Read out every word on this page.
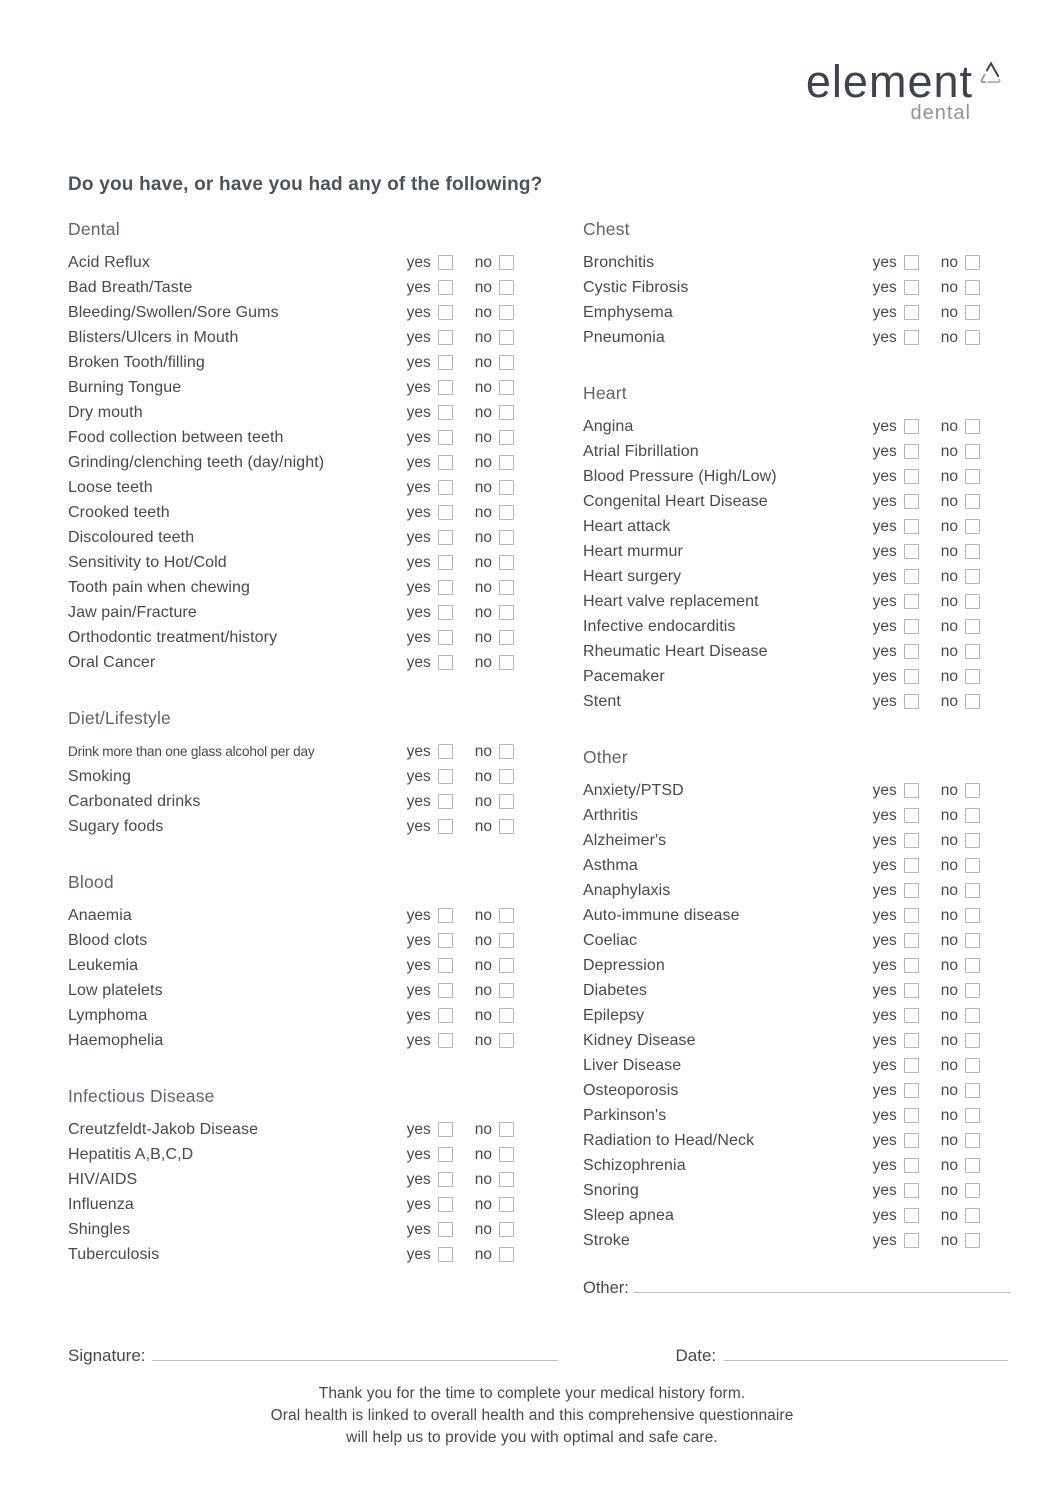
element
dental
Do you have, or have you had any of the following?
Dental
Acid Reflux	yes	no
Bad Breath/Taste	yes	no
Bleeding/Swollen/Sore Gums	yes	no
Blisters/Ulcers in Mouth	yes	no
Broken Tooth/filling	yes	no
Burning Tongue	yes	no
Dry mouth	yes	no
Food collection between teeth	yes	no
Grinding/clenching teeth (day/night)	yes	no
Loose teeth	yes	no
Crooked teeth	yes	no
Discoloured teeth	yes	no
Sensitivity to Hot/Cold	yes	no
Tooth pain when chewing	yes	no
Jaw pain/Fracture	yes	no
Orthodontic treatment/history	yes	no
Oral Cancer	yes	no
Diet/Lifestyle
Drink more than one glass alcohol per day	yes	no
Smoking	yes	no
Carbonated drinks	yes	no
Sugary foods	yes	no
Blood
Anaemia	yes	no
Blood clots	yes	no
Leukemia	yes	no
Low platelets	yes	no
Lymphoma	yes	no
Haemophelia	yes	no
Infectious Disease
Creutzfeldt-Jakob Disease	yes	no
Hepatitis A,B,C,D	yes	no
HIV/AIDS	yes	no
Influenza	yes	no
Shingles	yes	no
Tuberculosis	yes	no
Chest
Bronchitis	yes	no
Cystic Fibrosis	yes	no
Emphysema	yes	no
Pneumonia	yes	no
Heart
Angina	yes	no
Atrial Fibrillation	yes	no
Blood Pressure (High/Low)	yes	no
Congenital Heart Disease	yes	no
Heart attack	yes	no
Heart murmur	yes	no
Heart surgery	yes	no
Heart valve replacement	yes	no
Infective endocarditis	yes	no
Rheumatic Heart Disease	yes	no
Pacemaker	yes	no
Stent	yes	no
Other
Anxiety/PTSD	yes	no
Arthritis	yes	no
Alzheimer's	yes	no
Asthma	yes	no
Anaphylaxis	yes	no
Auto-immune disease	yes	no
Coeliac	yes	no
Depression	yes	no
Diabetes	yes	no
Epilepsy	yes	no
Kidney Disease	yes	no
Liver Disease	yes	no
Osteoporosis	yes	no
Parkinson's	yes	no
Radiation to Head/Neck	yes	no
Schizophrenia	yes	no
Snoring	yes	no
Sleep apnea	yes	no
Stroke	yes	no
Other:
Signature:	Date:
Thank you for the time to complete your medical history form.
Oral health is linked to overall health and this comprehensive questionnaire
will help us to provide you with optimal and safe care.
